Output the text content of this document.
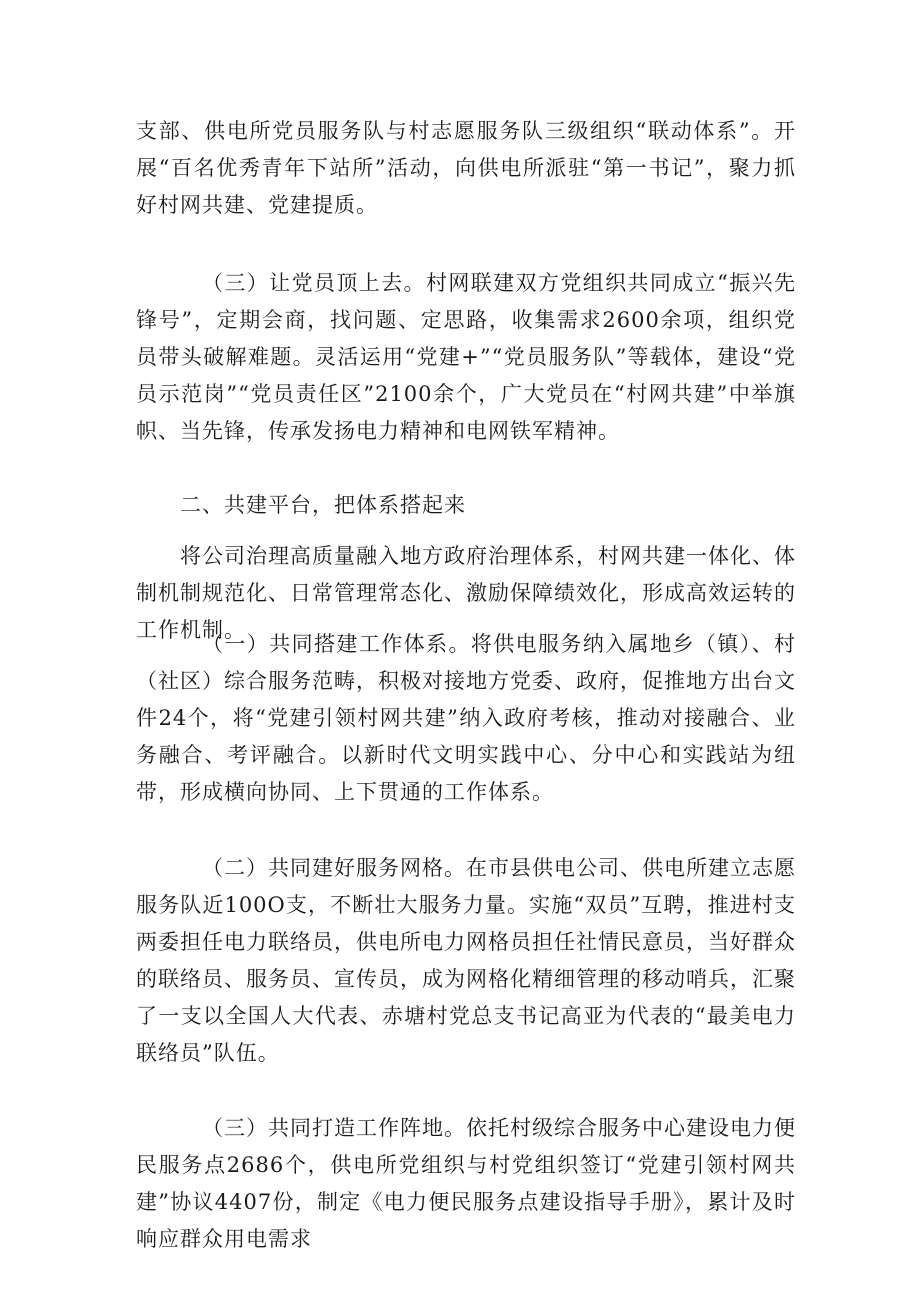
支部、供电所党员服务队与村志愿服务队三级组织“联动体系”。开展“百名优秀青年下站所”活动，向供电所派驻“第一书记”，聚力抓好村网共建、党建提质。

（三）让党员顶上去。村网联建双方党组织共同成立“振兴先锋号”，定期会商，找问题、定思路，收集需求2600余项，组织党员带头破解难题。灵活运用“党建+”“党员服务队”等载体，建设“党员示范岗”“党员责任区”2100余个，广大党员在“村网共建”中举旗帜、当先锋，传承发扬电力精神和电网铁军精神。

二、共建平台，把体系搭起来

将公司治理高质量融入地方政府治理体系，村网共建一体化、体制机制规范化、日常管理常态化、激励保障绩效化，形成高效运转的工作机制。

（一）共同搭建工作体系。将供电服务纳入属地乡（镇）、村（社区）综合服务范畴，积极对接地方党委、政府，促推地方出台文件24个，将“党建引领村网共建”纳入政府考核，推动对接融合、业务融合、考评融合。以新时代文明实践中心、分中心和实践站为纽带，形成横向协同、上下贯通的工作体系。

（二）共同建好服务网格。在市县供电公司、供电所建立志愿服务队近100O支，不断壮大服务力量。实施“双员”互聘，推进村支两委担任电力联络员，供电所电力网格员担任社情民意员，当好群众的联络员、服务员、宣传员，成为网格化精细管理的移动哨兵，汇聚了一支以全国人大代表、赤塘村党总支书记高亚为代表的“最美电力联络员”队伍。

（三）共同打造工作阵地。依托村级综合服务中心建设电力便民服务点2686个，供电所党组织与村党组织签订“党建引领村网共建”协议4407份，制定《电力便民服务点建设指导手册》，累计及时响应群众用电需求
